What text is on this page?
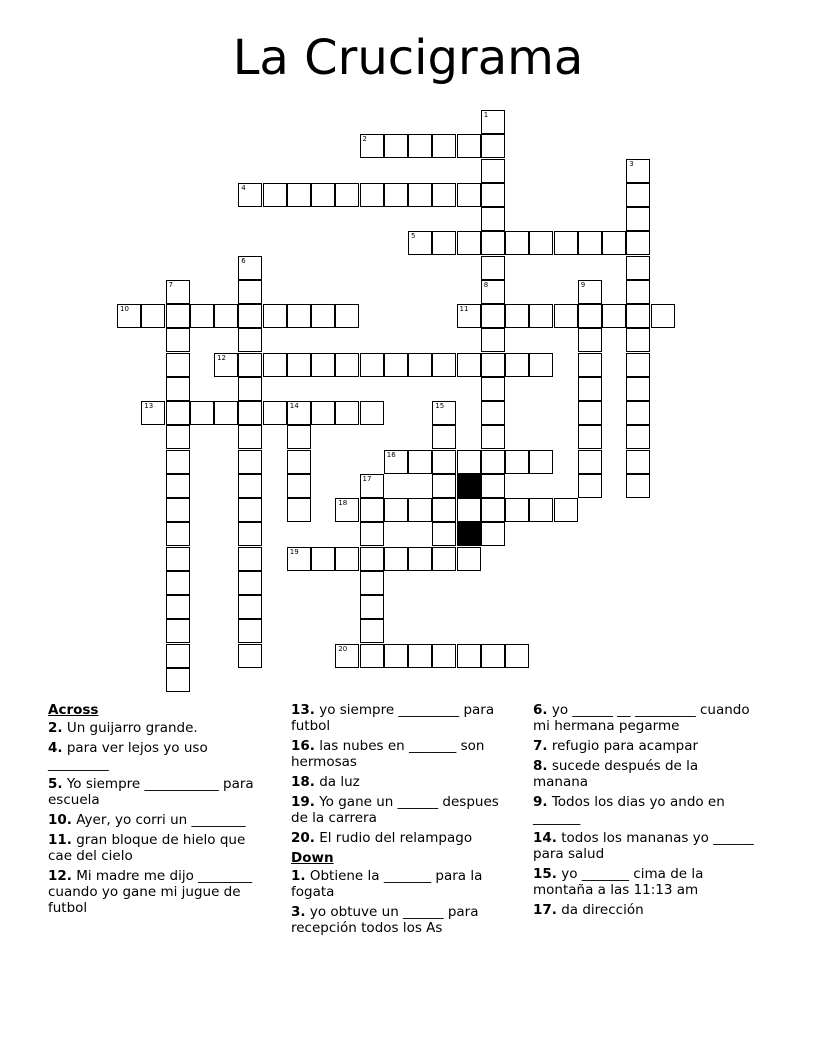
La Crucigrama
1
2
3
4
5
6
7	8	9
10	11
12
13	14	15
16
17
18
19
20
Across
2. Un guijarro grande.
4. para ver lejos yo uso _________
5. Yo siempre ___________ para escuela
10. Ayer, yo corri un ________
11. gran bloque de hielo que cae del cielo
12. Mi madre me dijo ________ cuando yo gane mi jugue de futbol
13. yo siempre _________ para futbol
16. las nubes en _______ son hermosas
18. da luz
19. Yo gane un ______ despues de la carrera
20. El rudio del relampago
Down
1. Obtiene la _______ para la fogata
3. yo obtuve un ______ para recepción todos los As
6. yo ______ __ _________ cuando mi hermana pegarme
7. refugio para acampar
8. sucede después de la manana
9. Todos los dias yo ando en _______
14. todos los mananas yo ______ para salud
15. yo _______ cima de la montaña a las 11:13 am
17. da dirección
